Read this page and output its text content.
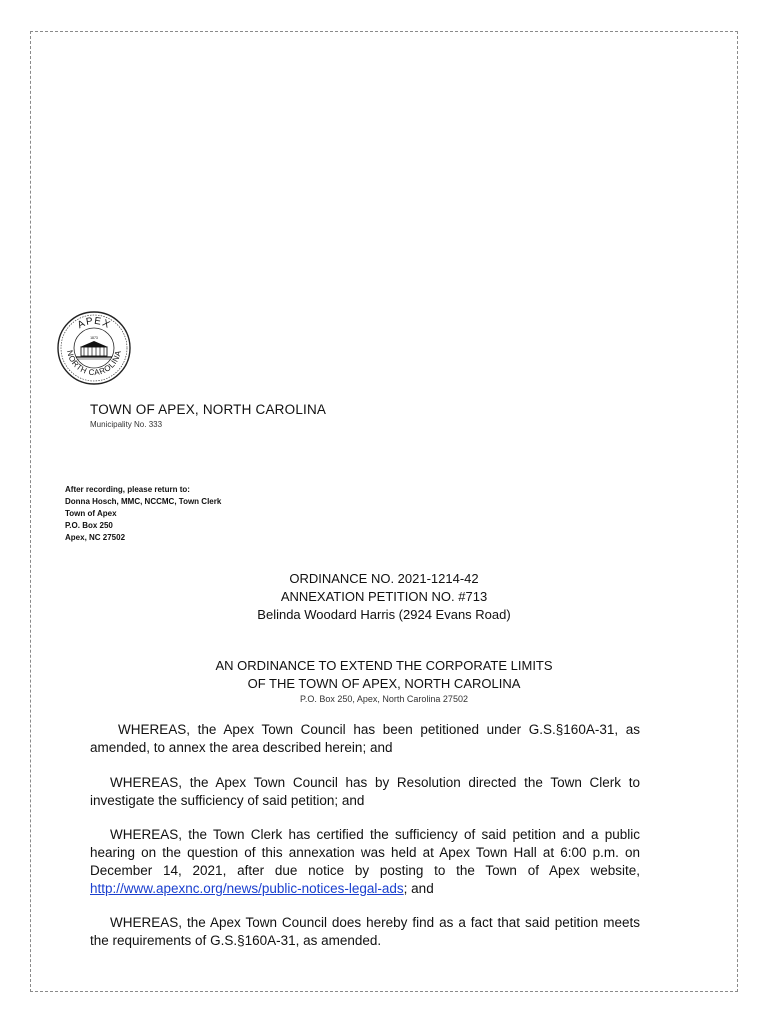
APEX
NORTH CAROLINA
1873
TOWN OF APEX, NORTH CAROLINA
Municipality No. 333
After recording, please return to:
Donna Hosch, MMC, NCCMC, Town Clerk
Town of Apex
P.O. Box 250
Apex, NC 27502
ORDINANCE NO. 2021-1214-42
ANNEXATION PETITION NO. #713
Belinda Woodard Harris (2924 Evans Road)
AN ORDINANCE TO EXTEND THE CORPORATE LIMITS
OF THE TOWN OF APEX, NORTH CAROLINA
P.O. Box 250, Apex, North Carolina 27502

WHEREAS, the Apex Town Council has been petitioned under G.S.§160A-31, as amended, to annex the area described herein; and

WHEREAS, the Apex Town Council has by Resolution directed the Town Clerk to investigate the sufficiency of said petition; and

WHEREAS, the Town Clerk has certified the sufficiency of said petition and a public hearing on the question of this annexation was held at Apex Town Hall at 6:00 p.m. on December 14, 2021, after due notice by posting to the Town of Apex website, http://www.apexnc.org/news/public-notices-legal-ads; and

WHEREAS, the Apex Town Council does hereby find as a fact that said petition meets the requirements of G.S.§160A-31, as amended.
